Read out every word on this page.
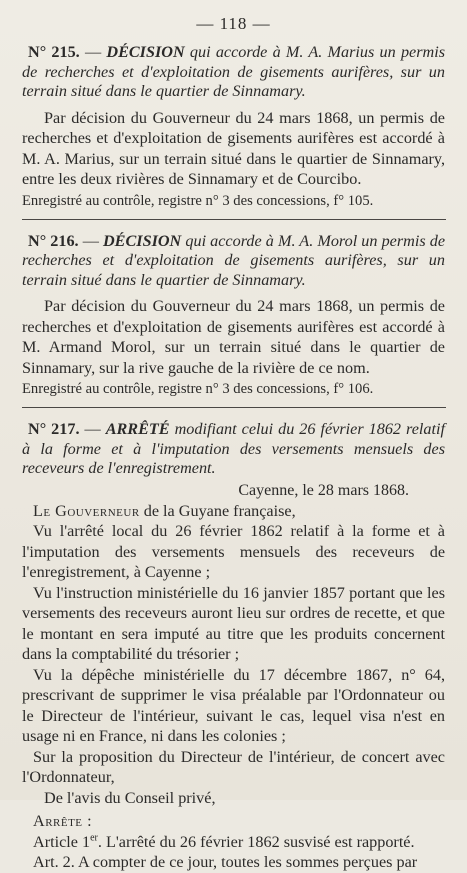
— 118 —

N° 215. — DÉCISION qui accorde à M. A. Marius un permis de recherches et d'exploitation de gisements aurifères, sur un terrain situé dans le quartier de Sinnamary.

Par décision du Gouverneur du 24 mars 1868, un permis de recherches et d'exploitation de gisements aurifères est accordé à M. A. Marius, sur un terrain situé dans le quartier de Sinnamary, entre les deux rivières de Sinnamary et de Courcibo.

Enregistré au contrôle, registre n° 3 des concessions, f° 105.

N° 216. — DÉCISION qui accorde à M. A. Morol un permis de recherches et d'exploitation de gisements aurifères, sur un terrain situé dans le quartier de Sinnamary.

Par décision du Gouverneur du 24 mars 1868, un permis de recherches et d'exploitation de gisements aurifères est accordé à M. Armand Morol, sur un terrain situé dans le quartier de Sinnamary, sur la rive gauche de la rivière de ce nom.

Enregistré au contrôle, registre n° 3 des concessions, f° 106.

N° 217. — ARRÊTÉ modifiant celui du 26 février 1862 relatif à la forme et à l'imputation des versements mensuels des receveurs de l'enregistrement.

Cayenne, le 28 mars 1868.

Le Gouverneur de la Guyane française,

Vu l'arrêté local du 26 février 1862 relatif à la forme et à l'imputation des versements mensuels des receveurs de l'enregistrement, à Cayenne ;

Vu l'instruction ministérielle du 16 janvier 1857 portant que les versements des receveurs auront lieu sur ordres de recette, et que le montant en sera imputé au titre que les produits concernent dans la comptabilité du trésorier ;

Vu la dépêche ministérielle du 17 décembre 1867, n° 64, prescrivant de supprimer le visa préalable par l'Ordonnateur ou le Directeur de l'intérieur, suivant le cas, lequel visa n'est en usage ni en France, ni dans les colonies ;

Sur la proposition du Directeur de l'intérieur, de concert avec l'Ordonnateur,

De l'avis du Conseil privé,

Arrête :

Article 1er. L'arrêté du 26 février 1862 susvisé est rapporté.

Art. 2. A compter de ce jour, toutes les sommes perçues par
